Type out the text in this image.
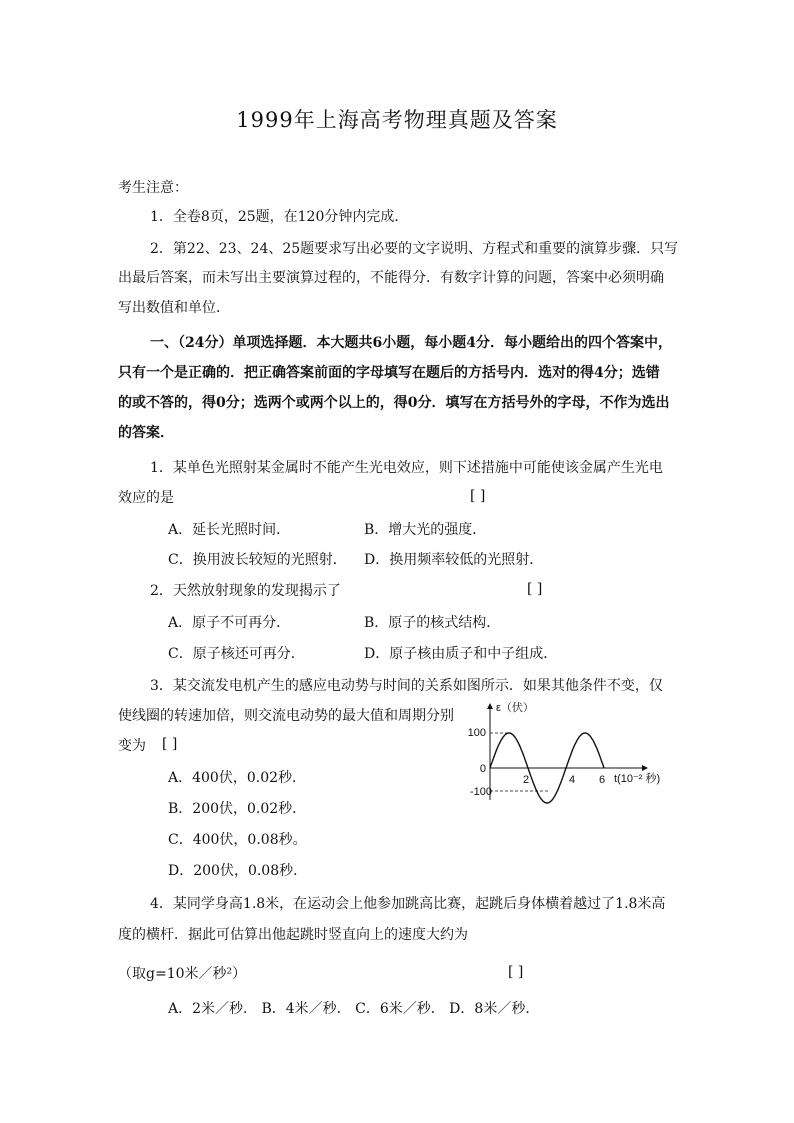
1999年上海高考物理真题及答案
考生注意：
1．全卷8页，25题，在120分钟内完成．
2．第22、23、24、25题要求写出必要的文字说明、方程式和重要的演算步骤．只写
出最后答案，而未写出主要演算过程的，不能得分．有数字计算的问题，答案中必须明确
写出数值和单位．
一、（24分）单项选择题．本大题共6小题，每小题4分．每小题给出的四个答案中，
只有一个是正确的．把正确答案前面的字母填写在题后的方括号内．选对的得4分；选错
的或不答的，得0分；选两个或两个以上的，得0分．填写在方括号外的字母，不作为选出
的答案．
1．某单色光照射某金属时不能产生光电效应，则下述措施中可能使该金属产生光电
效应的是	[ ]
A．延长光照时间．	B．增大光的强度．
C．换用波长较短的光照射． D．换用频率较低的光照射．
2．天然放射现象的发现揭示了	[ ]
A．原子不可再分．	B．原子的核式结构．
C．原子核还可再分．	D．原子核由质子和中子组成．
3．某交流发电机产生的感应电动势与时间的关系如图所示．如果其他条件不变，仅
使线圈的转速加倍，则交流电动势的最大值和周期分别
变为 [ ]
A．400伏，0.02秒．
B．200伏，0.02秒．
C．400伏，0.08秒。
D．200伏，0.08秒．
ε（伏）
100
0
-100
2	4 6 t(10⁻² 秒)
4．某同学身高1.8米，在运动会上他参加跳高比赛，起跳后身体横着越过了1.8米高
度的横杆．据此可估算出他起跳时竖直向上的速度大约为
（取g=10米／秒²）	[ ]
A．2米／秒． B．4米／秒． C．6米／秒． D．8米／秒．
